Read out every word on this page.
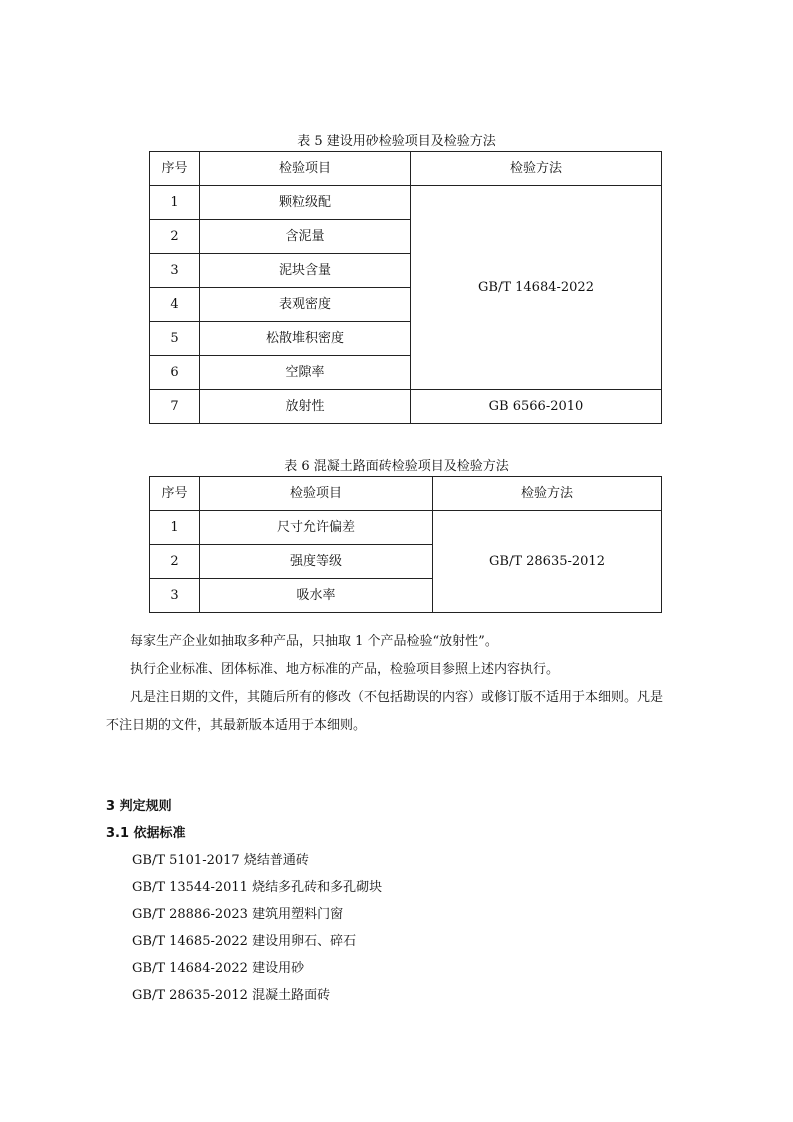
表 5 建设用砂检验项目及检验方法
序号	检验项目	检验方法
1	颗粒级配	GB/T 14684-2022
2	含泥量	
3	泥块含量	
4	表观密度	
5	松散堆积密度	
6	空隙率	
7	放射性	GB 6566-2010
表 6 混凝土路面砖检验项目及检验方法
序号	检验项目	检验方法
1	尺寸允许偏差	GB/T 28635-2012
2	强度等级	
3	吸水率	
每家生产企业如抽取多种产品，只抽取 1 个产品检验“放射性”。
执行企业标准、团体标准、地方标准的产品，检验项目参照上述内容执行。
凡是注日期的文件，其随后所有的修改（不包括勘误的内容）或修订版不适用于本细则。凡是
不注日期的文件，其最新版本适用于本细则。
3 判定规则
3.1 依据标准
GB/T 5101-2017 烧结普通砖
GB/T 13544-2011 烧结多孔砖和多孔砌块
GB/T 28886-2023 建筑用塑料门窗
GB/T 14685-2022 建设用卵石、碎石
GB/T 14684-2022 建设用砂
GB/T 28635-2012 混凝土路面砖
